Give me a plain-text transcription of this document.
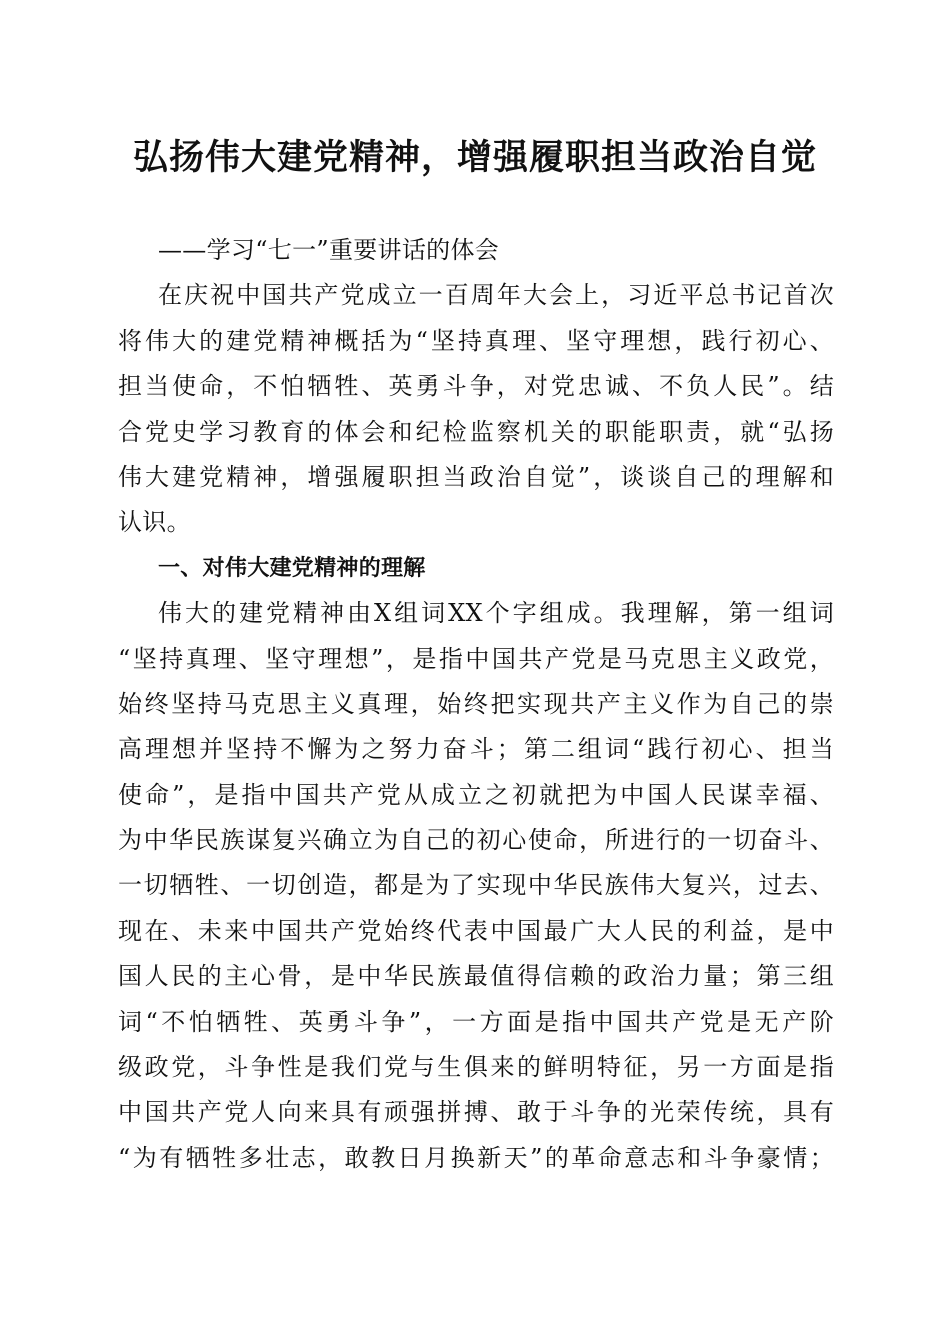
弘扬伟大建党精神，增强履职担当政治自觉
——学习“七一”重要讲话的体会
在庆祝中国共产党成立一百周年大会上，习近平总书记首次
将伟大的建党精神概括为“坚持真理、坚守理想，践行初心、
担当使命，不怕牺牲、英勇斗争，对党忠诚、不负人民”。结
合党史学习教育的体会和纪检监察机关的职能职责，就“弘扬
伟大建党精神，增强履职担当政治自觉”，谈谈自己的理解和
认识。
一、对伟大建党精神的理解
伟大的建党精神由X组词XX个字组成。我理解，第一组词
“坚持真理、坚守理想”，是指中国共产党是马克思主义政党，
始终坚持马克思主义真理，始终把实现共产主义作为自己的崇
高理想并坚持不懈为之努力奋斗；第二组词“践行初心、担当
使命”，是指中国共产党从成立之初就把为中国人民谋幸福、
为中华民族谋复兴确立为自己的初心使命，所进行的一切奋斗、
一切牺牲、一切创造，都是为了实现中华民族伟大复兴，过去、
现在、未来中国共产党始终代表中国最广大人民的利益，是中
国人民的主心骨，是中华民族最值得信赖的政治力量；第三组
词“不怕牺牲、英勇斗争”，一方面是指中国共产党是无产阶
级政党，斗争性是我们党与生俱来的鲜明特征，另一方面是指
中国共产党人向来具有顽强拼搏、敢于斗争的光荣传统，具有
“为有牺牲多壮志，敢教日月换新天”的革命意志和斗争豪情；
